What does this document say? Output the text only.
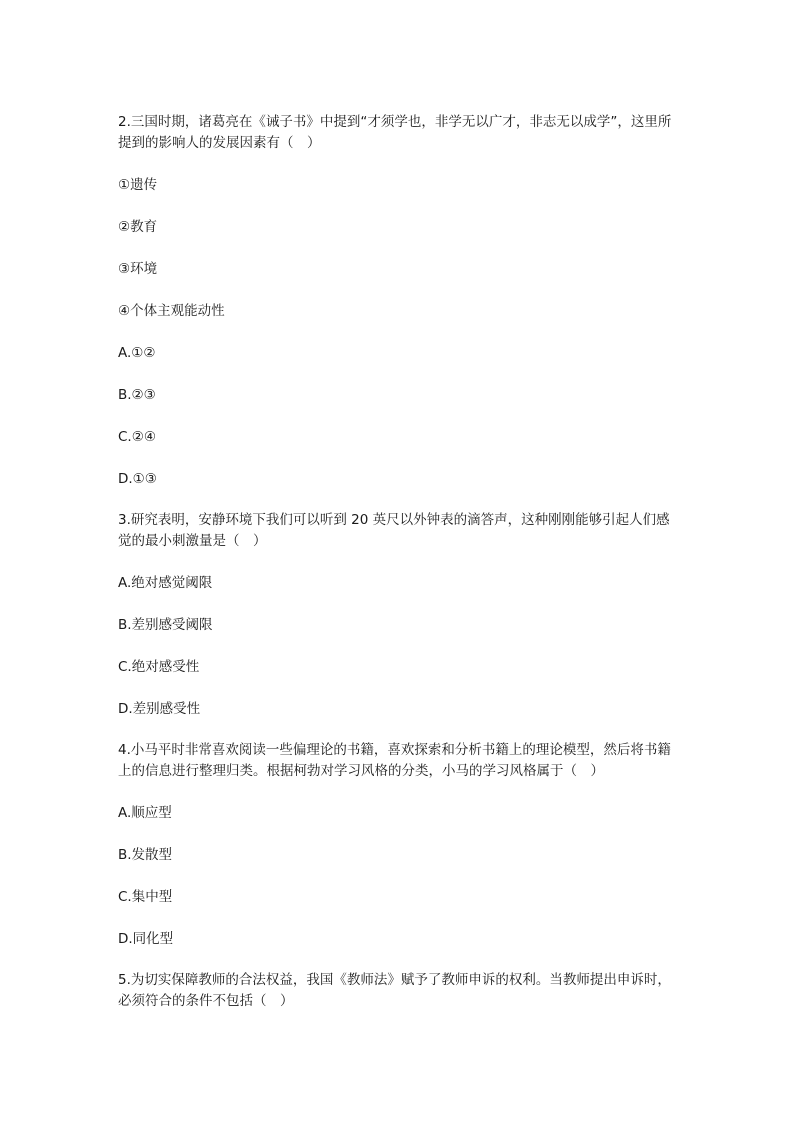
2.三国时期，诸葛亮在《诫子书》中提到“才须学也，非学无以广才，非志无以成学”，这里所提到的影响人的发展因素有（　）
①遗传
②教育
③环境
④个体主观能动性
A.①②
B.②③
C.②④
D.①③
3.研究表明，安静环境下我们可以听到 20 英尺以外钟表的滴答声，这种刚刚能够引起人们感觉的最小刺激量是（　）
A.绝对感觉阈限
B.差别感受阈限
C.绝对感受性
D.差别感受性
4.小马平时非常喜欢阅读一些偏理论的书籍，喜欢探索和分析书籍上的理论模型，然后将书籍上的信息进行整理归类。根据柯勃对学习风格的分类，小马的学习风格属于（　）
A.顺应型
B.发散型
C.集中型
D.同化型
5.为切实保障教师的合法权益，我国《教师法》赋予了教师申诉的权利。当教师提出申诉时，必须符合的条件不包括（　）
